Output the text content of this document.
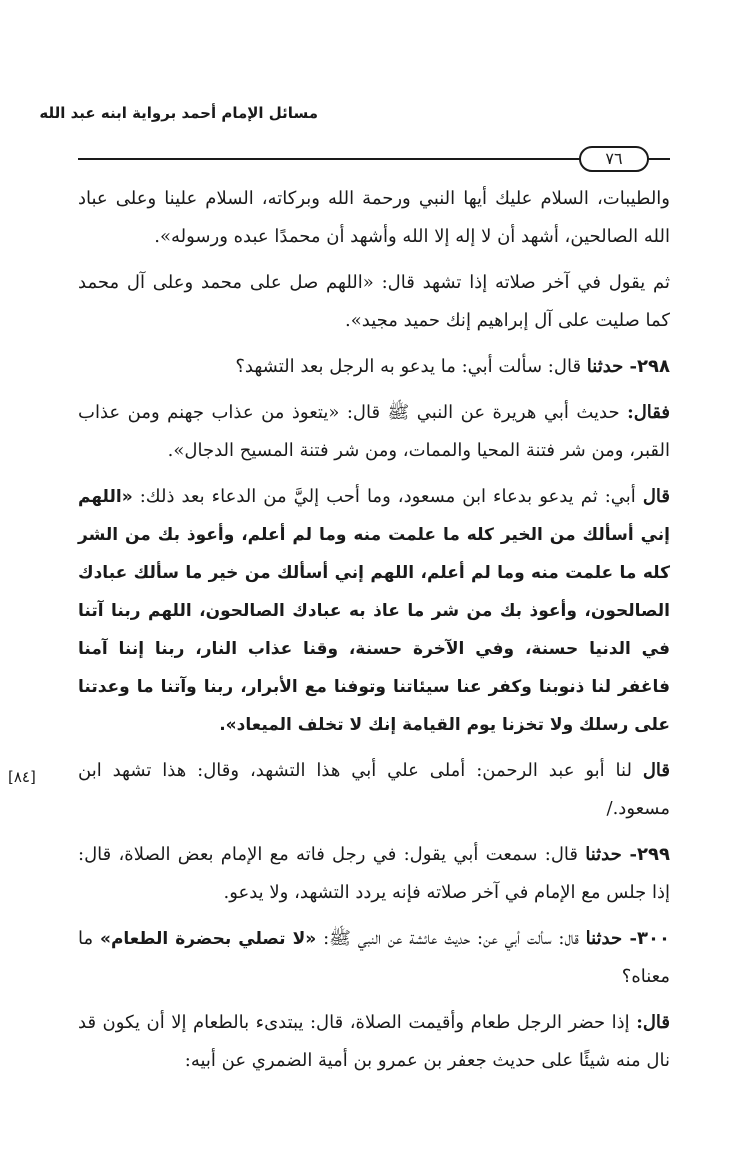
مسائل الإمام أحمد برواية ابنه عبد الله
٧٦
[٨٤]

والطيبات، السلام عليك أيها النبي ورحمة الله وبركاته، السلام علينا وعلى عباد الله الصالحين، أشهد أن لا إله إلا الله وأشهد أن محمدًا عبده ورسوله».

ثم يقول في آخر صلاته إذا تشهد قال: «اللهم صل على محمد وعلى آل محمد كما صليت على آل إبراهيم إنك حميد مجيد».

٢٩٨- حدثنا قال: سألت أبي: ما يدعو به الرجل بعد التشهد؟

فقال: حديث أبي هريرة عن النبي ﷺ قال: «يتعوذ من عذاب جهنم ومن عذاب القبر، ومن شر فتنة المحيا والممات، ومن شر فتنة المسيح الدجال».

قال أبي: ثم يدعو بدعاء ابن مسعود، وما أحب إليَّ من الدعاء بعد ذلك: «اللهم إني أسألك من الخير كله ما علمت منه وما لم أعلم، وأعوذ بك من الشر كله ما علمت منه وما لم أعلم، اللهم إني أسألك من خير ما سألك عبادك الصالحون، وأعوذ بك من شر ما عاذ به عبادك الصالحون، اللهم ربنا آتنا في الدنيا حسنة، وفي الآخرة حسنة، وقنا عذاب النار، ربنا إننا آمنا فاغفر لنا ذنوبنا وكفر عنا سيئاتنا وتوفنا مع الأبرار، ربنا وآتنا ما وعدتنا على رسلك ولا تخزنا يوم القيامة إنك لا تخلف الميعاد».

قال لنا أبو عبد الرحمن: أملى علي أبي هذا التشهد، وقال: هذا تشهد ابن مسعود./

٢٩٩- حدثنا قال: سمعت أبي يقول: في رجل فاته مع الإمام بعض الصلاة، قال: إذا جلس مع الإمام في آخر صلاته فإنه يردد التشهد، ولا يدعو.

٣٠٠- حدثنا قال: سألت أبي عن: حديث عائشة عن النبي ﷺ: «لا تصلي بحضرة الطعام» ما معناه؟

قال: إذا حضر الرجل طعام وأقيمت الصلاة، قال: يبتدىء بالطعام إلا أن يكون قد نال منه شيئًا على حديث جعفر بن عمرو بن أمية الضمري عن أبيه:
